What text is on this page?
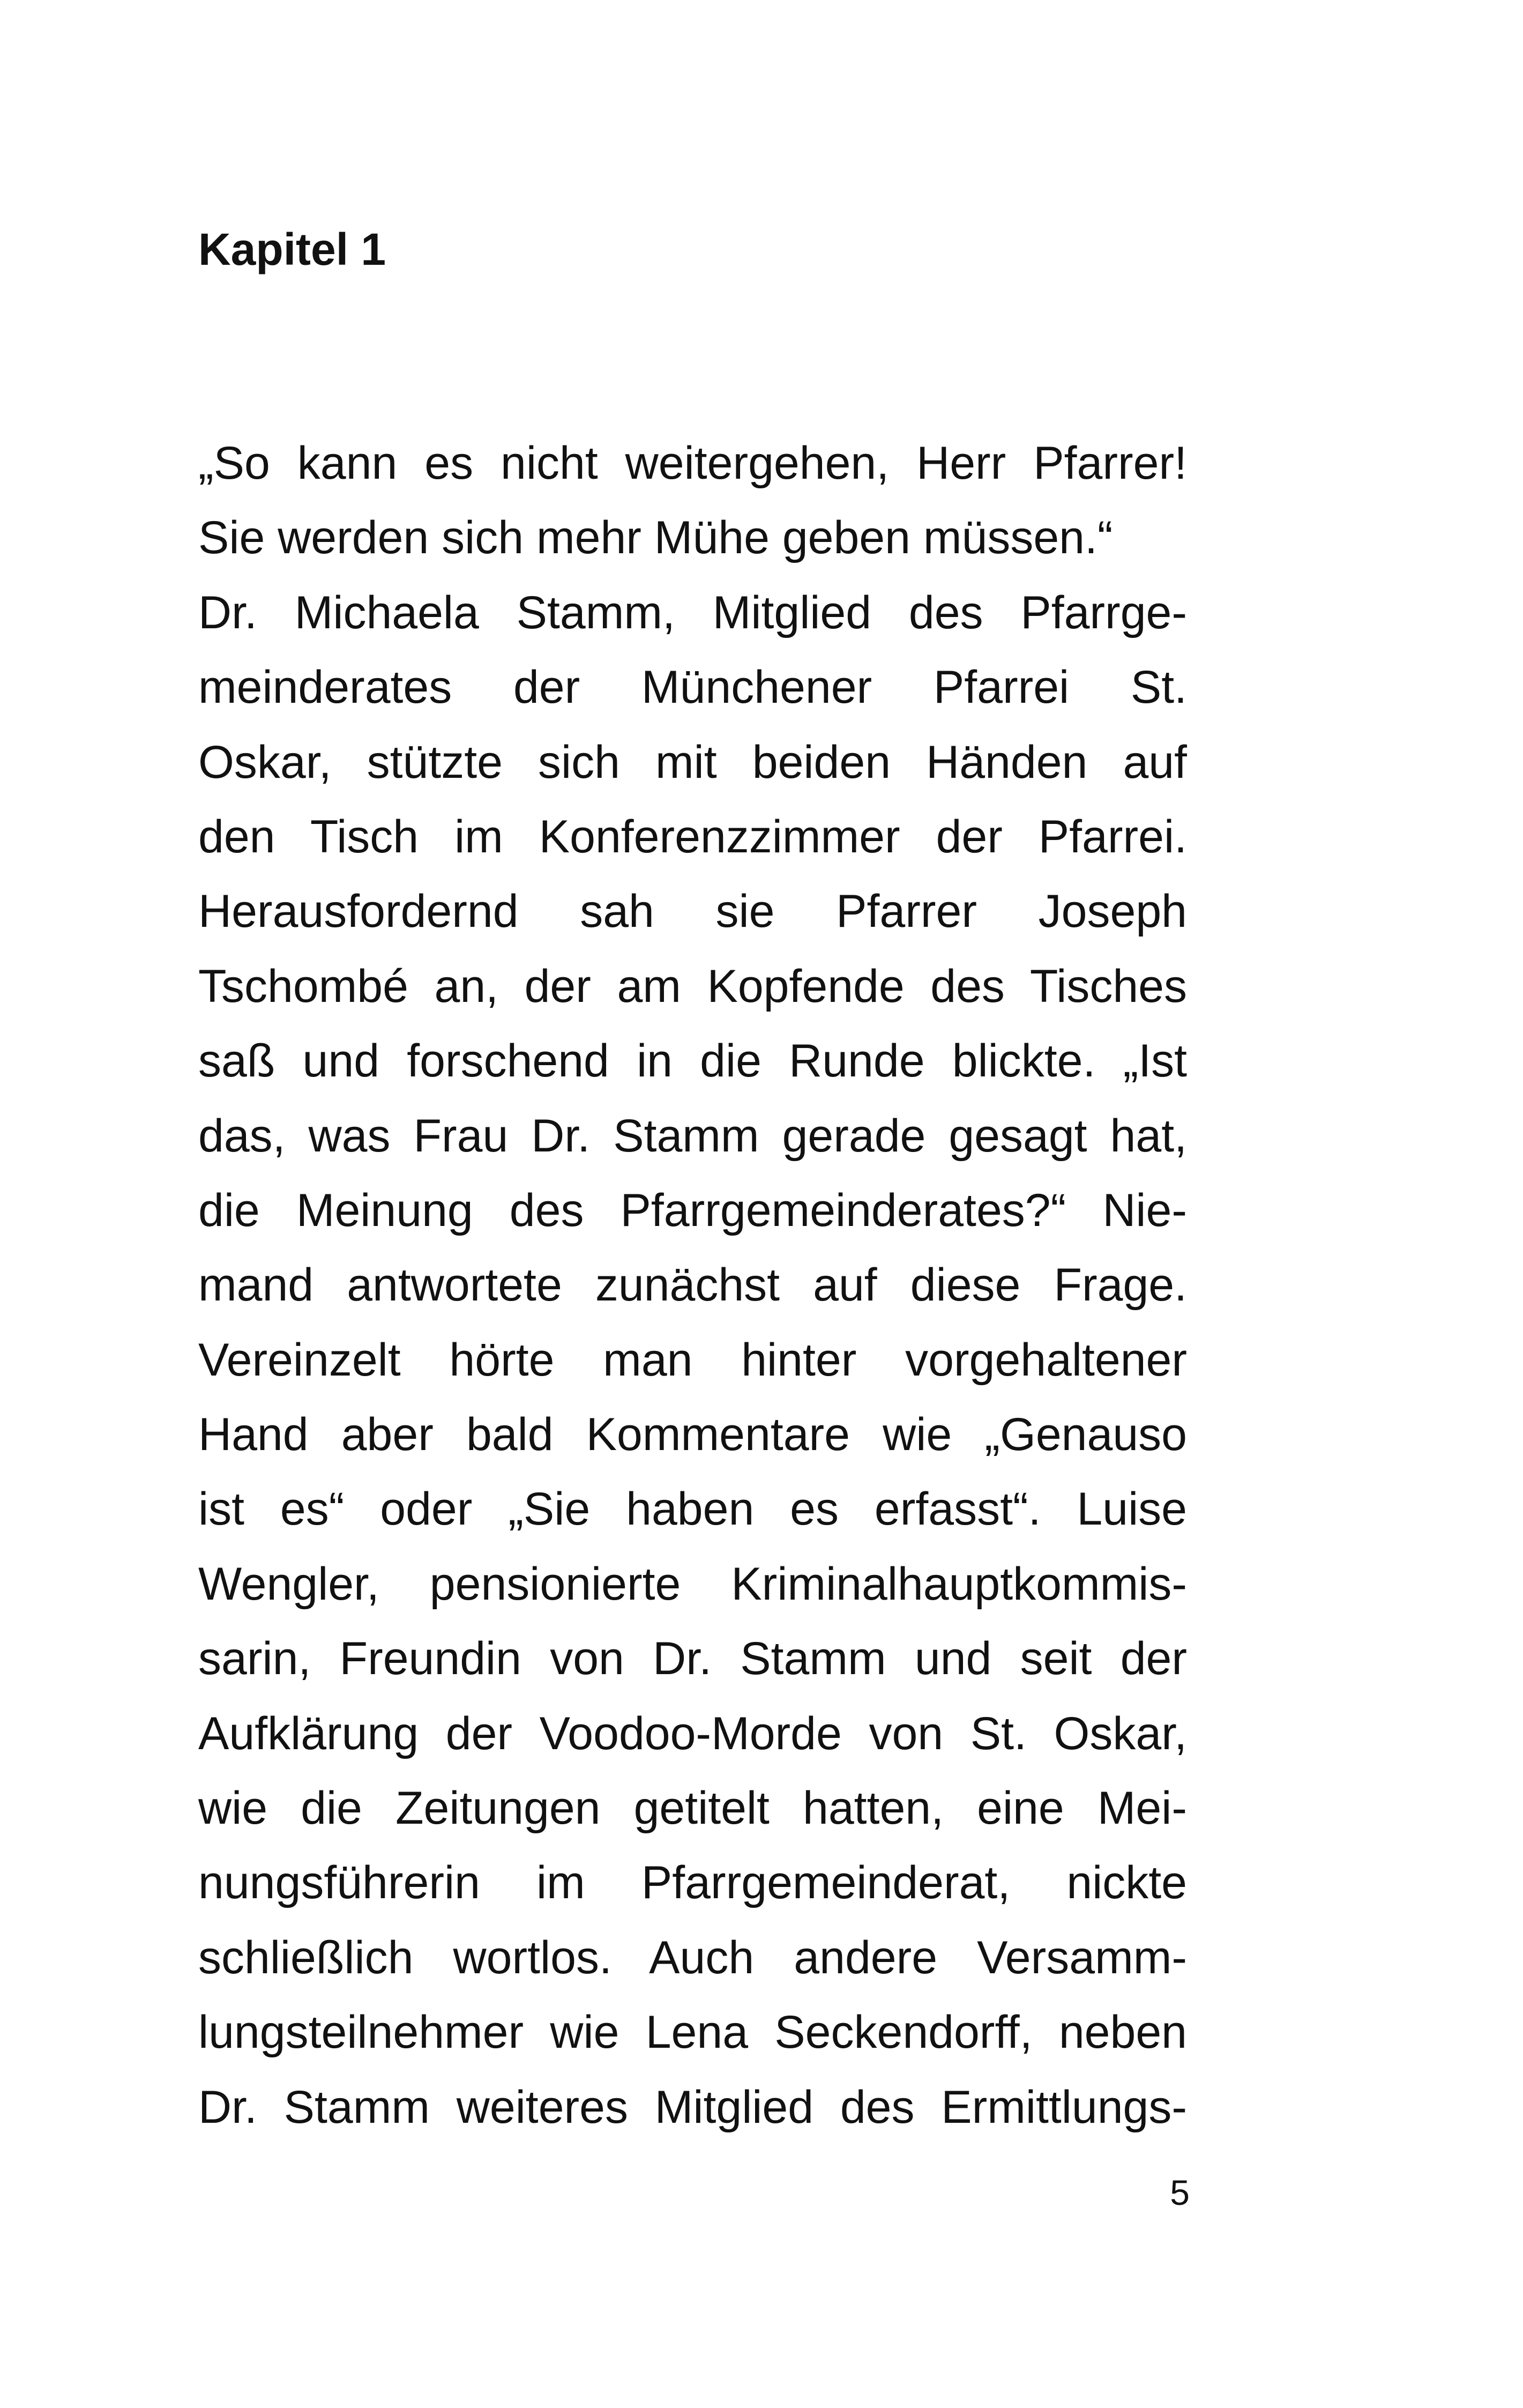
Kapitel 1
„So kann es nicht weitergehen, Herr Pfarrer!
Sie werden sich mehr Mühe geben müssen.“
Dr. Michaela Stamm, Mitglied des Pfarrge-
meinderates der Münchener Pfarrei St.
Oskar, stützte sich mit beiden Händen auf
den Tisch im Konferenzzimmer der Pfarrei.
Herausfordernd sah sie Pfarrer Joseph
Tschombé an, der am Kopfende des Tisches
saß und forschend in die Runde blickte. „Ist
das, was Frau Dr. Stamm gerade gesagt hat,
die Meinung des Pfarrgemeinderates?“ Nie-
mand antwortete zunächst auf diese Frage.
Vereinzelt hörte man hinter vorgehaltener
Hand aber bald Kommentare wie „Genauso
ist es“ oder „Sie haben es erfasst“. Luise
Wengler, pensionierte Kriminalhauptkommis-
sarin, Freundin von Dr. Stamm und seit der
Aufklärung der Voodoo-Morde von St. Oskar,
wie die Zeitungen getitelt hatten, eine Mei-
nungsführerin im Pfarrgemeinderat, nickte
schließlich wortlos. Auch andere Versamm-
lungsteilnehmer wie Lena Seckendorff, neben
Dr. Stamm weiteres Mitglied des Ermittlungs-
5
